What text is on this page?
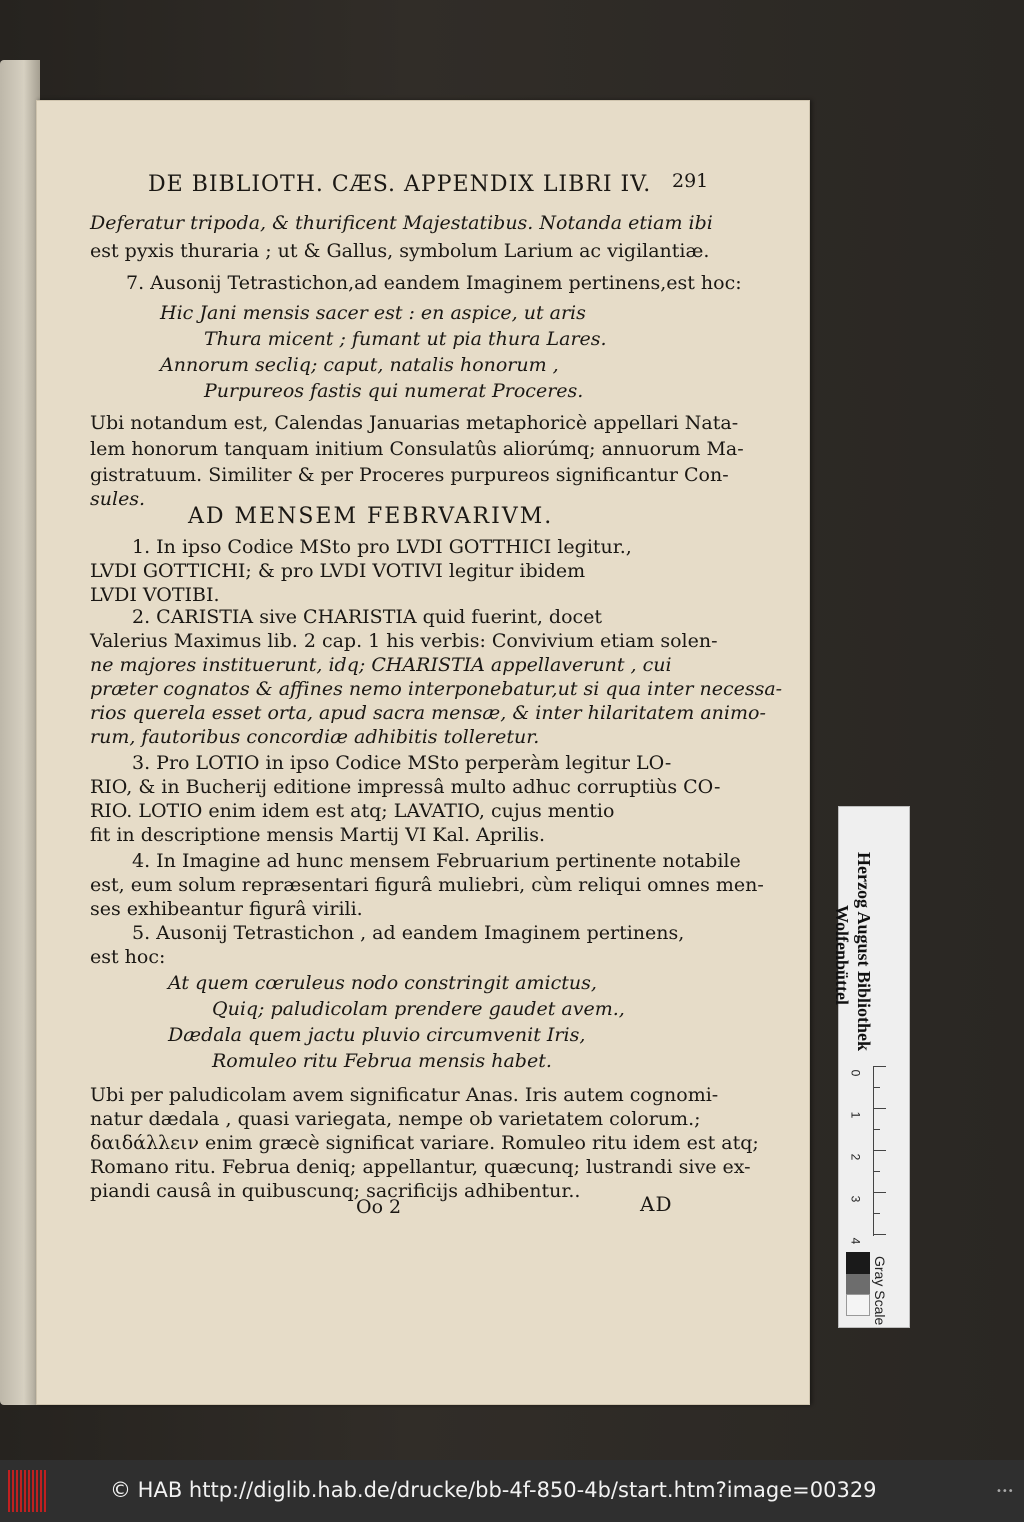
DE BIBLIOTH. CÆS. APPENDIX LIBRI IV. 291
Deferatur tripoda, & thurificent Majestatibus. Notanda etiam ibi
est pyxis thuraria ; ut & Gallus, symbolum Larium ac vigilantiæ.
7. Ausonij Tetrastichon,ad eandem Imaginem pertinens,est hoc:
Hic Jani mensis sacer est : en aspice, ut aris
Thura micent ; fumant ut pia thura Lares.
Annorum secliq; caput, natalis honorum ,
Purpureos fastis qui numerat Proceres.
Ubi notandum est, Calendas Januarias metaphoricè appellari Nata-
lem honorum tanquam initium Consulatûs aliorúmq; annuorum Ma-
gistratuum. Similiter & per Proceres purpureos significantur Con-
sules.
AD MENSEM FEBRVARIVM.
1. In ipso Codice MSto pro LVDI GOTTHICI legitur.,
LVDI GOTTICHI; & pro LVDI VOTIVI legitur ibidem
LVDI VOTIBI.
2. CARISTIA sive CHARISTIA quid fuerint, docet
Valerius Maximus lib. 2 cap. 1 his verbis: Convivium etiam solen-
ne majores instituerunt, idq; CHARISTIA appellaverunt , cui
præter cognatos & affines nemo interponebatur,ut si qua inter necessa-
rios querela esset orta, apud sacra mensæ, & inter hilaritatem animo-
rum, fautoribus concordiæ adhibitis tolleretur.
3. Pro LOTIO in ipso Codice MSto perperàm legitur LO-
RIO, & in Bucherij editione impressâ multo adhuc corruptiùs CO-
RIO. LOTIO enim idem est atq; LAVATIO, cujus mentio
fit in descriptione mensis Martij VI Kal. Aprilis.
4. In Imagine ad hunc mensem Februarium pertinente notabile
est, eum solum repræsentari figurâ muliebri, cùm reliqui omnes men-
ses exhibeantur figurâ virili.
5. Ausonij Tetrastichon , ad eandem Imaginem pertinens,
est hoc:
At quem cœruleus nodo constringit amictus,
Quiq; paludicolam prendere gaudet avem.,
Dædala quem jactu pluvio circumvenit Iris,
Romuleo ritu Februa mensis habet.
Ubi per paludicolam avem significatur Anas. Iris autem cognomi-
natur dædala , quasi variegata, nempe ob varietatem colorum.;
δαιδάλλειν enim græcè significat variare. Romuleo ritu idem est atq;
Romano ritu. Februa deniq; appellantur, quæcunq; lustrandi sive ex-
piandi causâ in quibuscunq; sacrificijs adhibentur..
Oo 2	AD
Herzog August Bibliothek
Wolfenbüttel
0
1
2
3
4
Gray Scale
© HAB http://diglib.hab.de/drucke/bb-4f-850-4b/start.htm?image=00329	•••
